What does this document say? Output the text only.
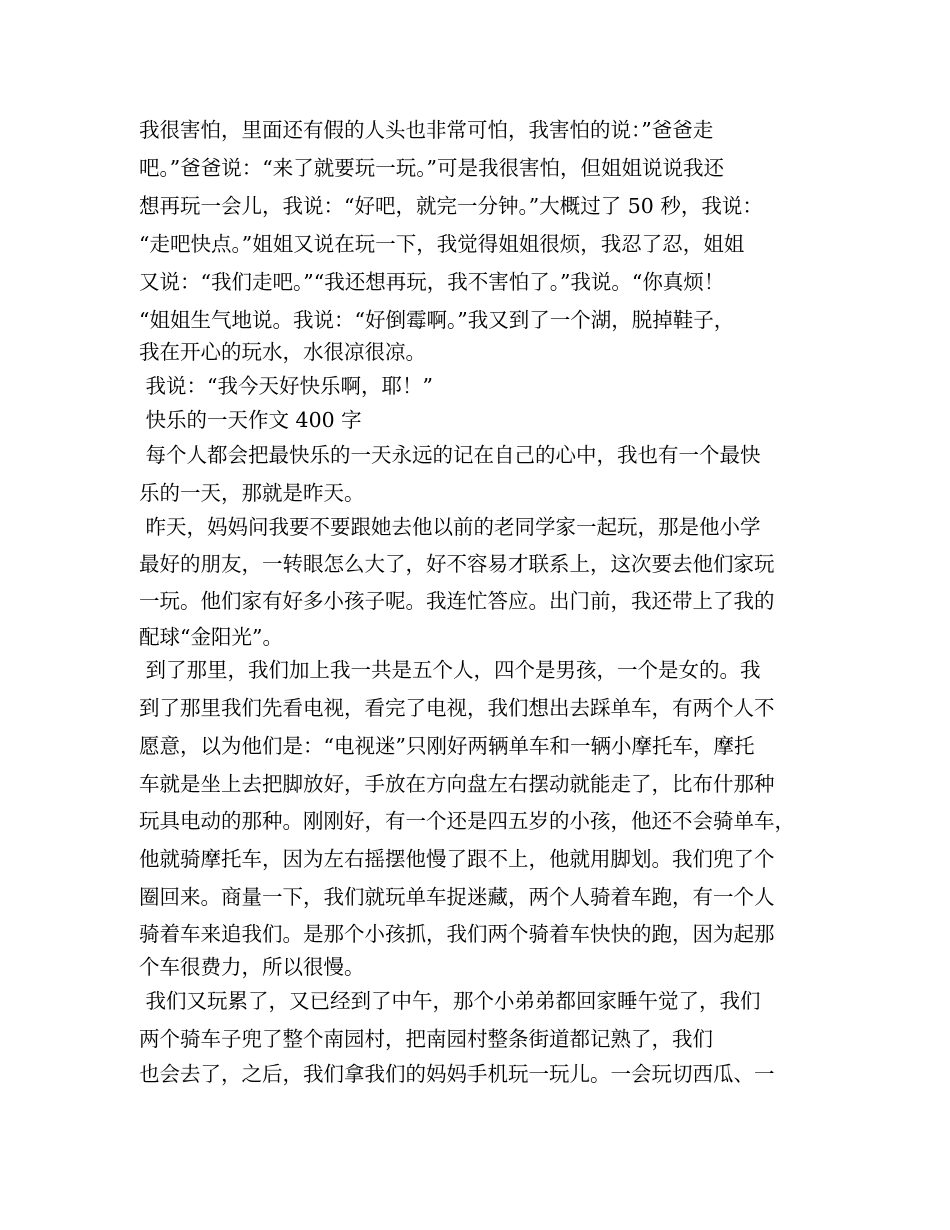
我很害怕，里面还有假的人头也非常可怕，我害怕的说：”爸爸走
吧。”爸爸说：“来了就要玩一玩。”可是我很害怕，但姐姐说说我还
想再玩一会儿，我说：“好吧，就完一分钟。”大概过了 50 秒，我说：
“走吧快点。”姐姐又说在玩一下，我觉得姐姐很烦，我忍了忍，姐姐
又说：“我们走吧。”“我还想再玩，我不害怕了。”我说。“你真烦！
“姐姐生气地说。我说：“好倒霉啊。”我又到了一个湖，脱掉鞋子，
我在开心的玩水，水很凉很凉。
我说：“我今天好快乐啊，耶！”
快乐的一天作文 400 字
每个人都会把最快乐的一天永远的记在自己的心中，我也有一个最快
乐的一天，那就是昨天。
昨天，妈妈问我要不要跟她去他以前的老同学家一起玩，那是他小学
最好的朋友，一转眼怎么大了，好不容易才联系上，这次要去他们家玩
一玩。他们家有好多小孩子呢。我连忙答应。出门前，我还带上了我的
配球“金阳光”。
到了那里，我们加上我一共是五个人，四个是男孩，一个是女的。我
到了那里我们先看电视，看完了电视，我们想出去踩单车，有两个人不
愿意，以为他们是：“电视迷”只刚好两辆单车和一辆小摩托车，摩托
车就是坐上去把脚放好，手放在方向盘左右摆动就能走了，比布什那种
玩具电动的那种。刚刚好，有一个还是四五岁的小孩，他还不会骑单车，
他就骑摩托车，因为左右摇摆他慢了跟不上，他就用脚划。我们兜了个
圈回来。商量一下，我们就玩单车捉迷藏，两个人骑着车跑，有一个人
骑着车来追我们。是那个小孩抓，我们两个骑着车快快的跑，因为起那
个车很费力，所以很慢。
我们又玩累了，又已经到了中午，那个小弟弟都回家睡午觉了，我们
两个骑车子兜了整个南园村，把南园村整条街道都记熟了，我们
也会去了，之后，我们拿我们的妈妈手机玩一玩儿。一会玩切西瓜、一
